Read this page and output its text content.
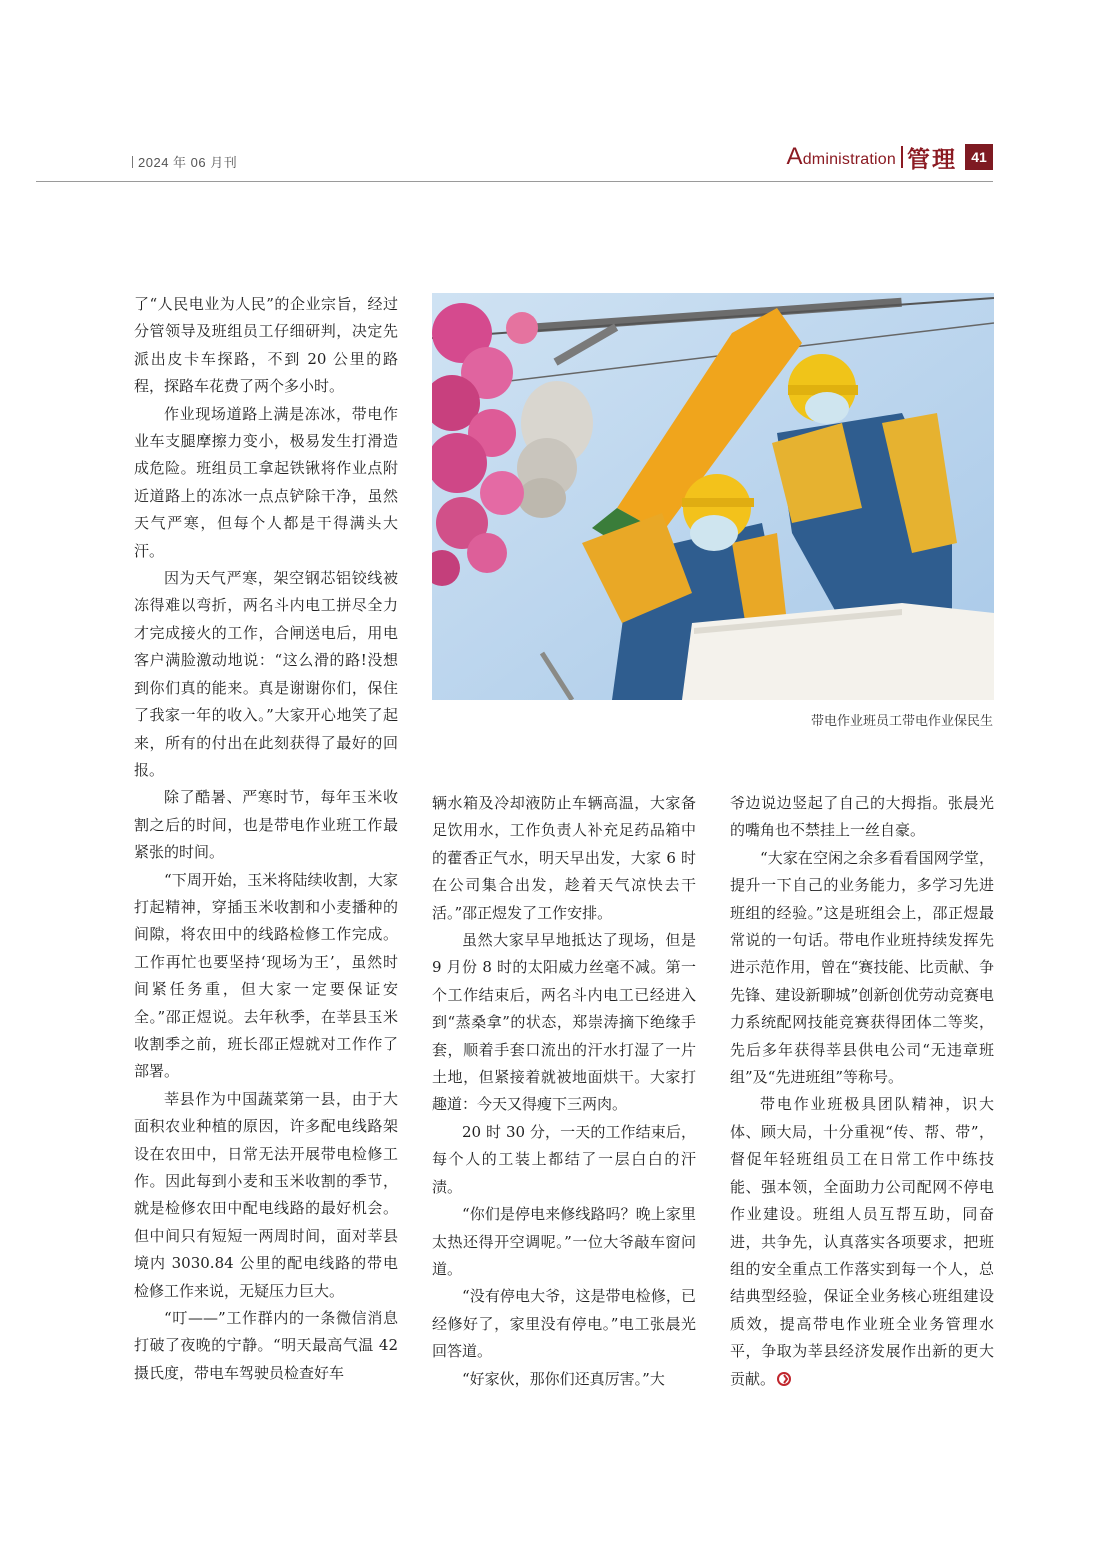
2024 年 06 月刊	Administration 管理	41
带电作业班员工带电作业保民生

了“人民电业为人民”的企业宗旨，经过分管领导及班组员工仔细研判，决定先派出皮卡车探路，不到 20 公里的路程，探路车花费了两个多小时。

作业现场道路上满是冻冰，带电作业车支腿摩擦力变小，极易发生打滑造成危险。班组员工拿起铁锹将作业点附近道路上的冻冰一点点铲除干净，虽然天气严寒，但每个人都是干得满头大汗。

因为天气严寒，架空钢芯铝铰线被冻得难以弯折，两名斗内电工拼尽全力才完成接火的工作，合闸送电后，用电客户满脸激动地说：“这么滑的路!没想到你们真的能来。真是谢谢你们，保住了我家一年的收入。”大家开心地笑了起来，所有的付出在此刻获得了最好的回报。

除了酷暑、严寒时节，每年玉米收割之后的时间，也是带电作业班工作最紧张的时间。

“下周开始，玉米将陆续收割，大家打起精神，穿插玉米收割和小麦播种的间隙，将农田中的线路检修工作完成。工作再忙也要坚持‘现场为王’，虽然时间紧任务重，但大家一定要保证安全。”邵正煜说。去年秋季，在莘县玉米收割季之前，班长邵正煜就对工作作了部署。

莘县作为中国蔬菜第一县，由于大面积农业种植的原因，许多配电线路架设在农田中，日常无法开展带电检修工作。因此每到小麦和玉米收割的季节，就是检修农田中配电线路的最好机会。但中间只有短短一两周时间，面对莘县境内 3030.84 公里的配电线路的带电检修工作来说，无疑压力巨大。

“叮——”工作群内的一条微信消息打破了夜晚的宁静。“明天最高气温 42 摄氏度，带电车驾驶员检查好车

辆水箱及冷却液防止车辆高温，大家备足饮用水，工作负责人补充足药品箱中的藿香正气水，明天早出发，大家 6 时在公司集合出发，趁着天气凉快去干活。”邵正煜发了工作安排。

虽然大家早早地抵达了现场，但是 9 月份 8 时的太阳威力丝毫不减。第一个工作结束后，两名斗内电工已经进入到“蒸桑拿”的状态，郑崇涛摘下绝缘手套，顺着手套口流出的汗水打湿了一片土地，但紧接着就被地面烘干。大家打趣道：今天又得瘦下三两肉。

20 时 30 分，一天的工作结束后，每个人的工装上都结了一层白白的汗渍。

“你们是停电来修线路吗？晚上家里太热还得开空调呢。”一位大爷敲车窗问道。

“没有停电大爷，这是带电检修，已经修好了，家里没有停电。”电工张晨光回答道。

“好家伙，那你们还真厉害。”大

爷边说边竖起了自己的大拇指。张晨光的嘴角也不禁挂上一丝自豪。

“大家在空闲之余多看看国网学堂，提升一下自己的业务能力，多学习先进班组的经验。”这是班组会上，邵正煜最常说的一句话。带电作业班持续发挥先进示范作用，曾在“赛技能、比贡献、争先锋、建设新聊城”创新创优劳动竞赛电力系统配网技能竞赛获得团体二等奖，先后多年获得莘县供电公司“无违章班组”及“先进班组”等称号。

带电作业班极具团队精神，识大体、顾大局，十分重视“传、帮、带”，督促年轻班组员工在日常工作中练技能、强本领，全面助力公司配网不停电作业建设。班组人员互帮互助，同奋进，共争先，认真落实各项要求，把班组的安全重点工作落实到每一个人，总结典型经验，保证全业务核心班组建设质效，提高带电作业班全业务管理水平，争取为莘县经济发展作出新的更大贡献。
